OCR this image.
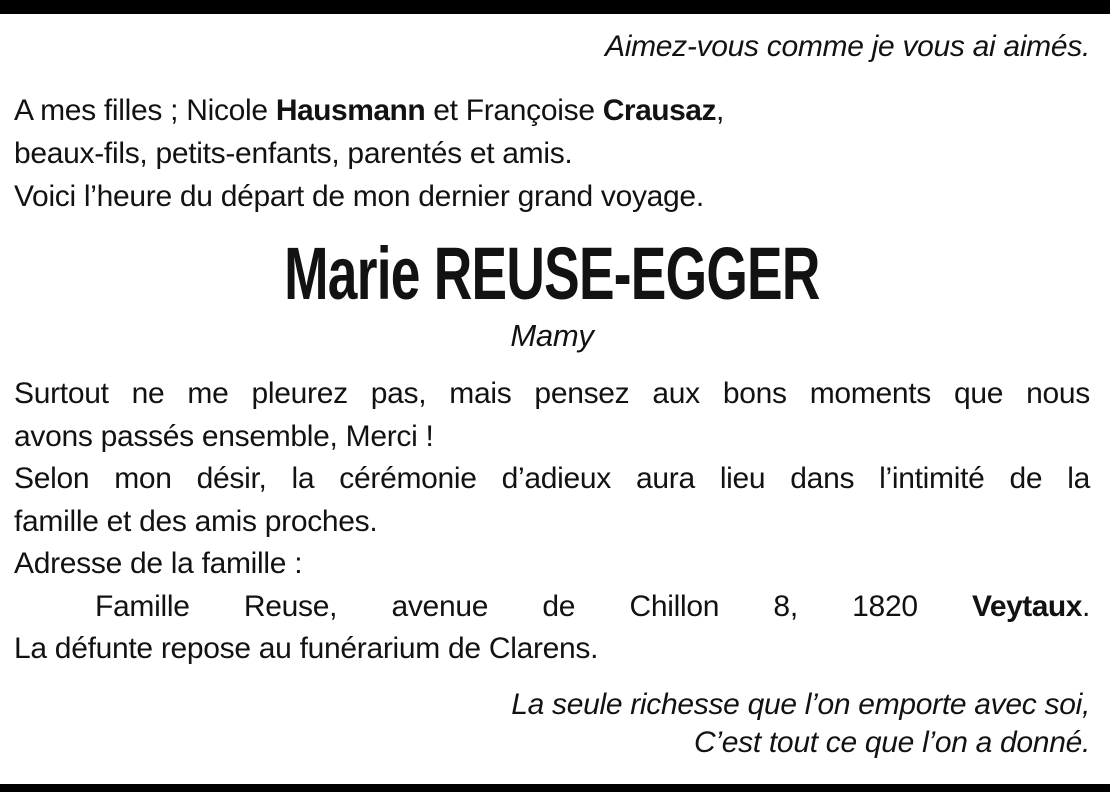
Aimez-vous comme je vous ai aimés.

A mes filles ; Nicole Hausmann et Françoise Crausaz,

beaux-fils, petits-enfants, parentés et amis.

Voici l’heure du départ de mon dernier grand voyage.

Marie REUSE-EGGER

Mamy

Surtout ne me pleurez pas, mais pensez aux bons moments que nous

avons passés ensemble, Merci !

Selon mon désir, la cérémonie d’adieux aura lieu dans l’intimité de la

famille et des amis proches.

Adresse de la famille :

Famille Reuse, avenue de Chillon 8, 1820 Veytaux.

La défunte repose au funérarium de Clarens.

La seule richesse que l’on emporte avec soi,

C’est tout ce que l’on a donné.
